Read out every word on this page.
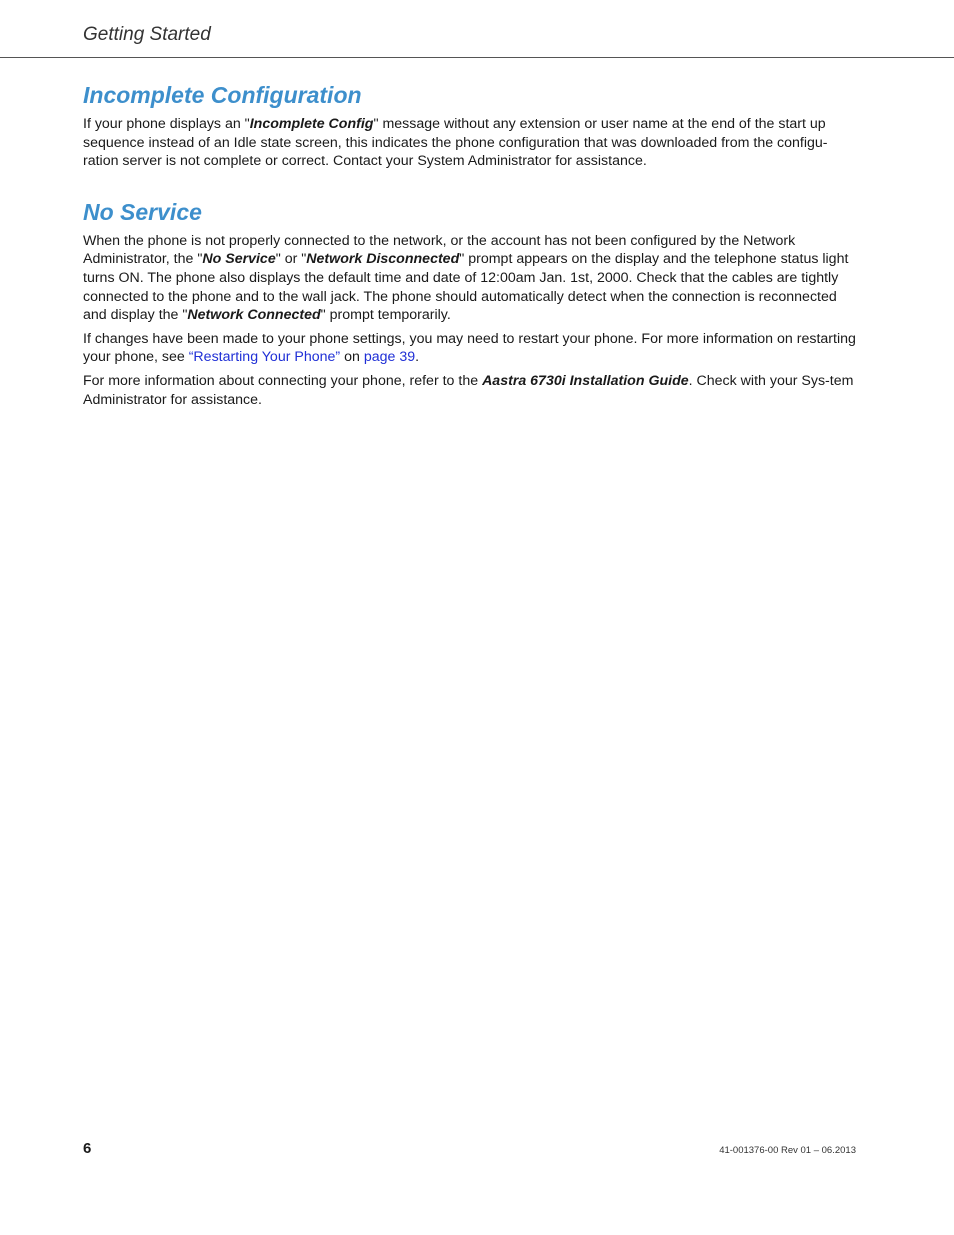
Getting Started
Incomplete Configuration

If your phone displays an "Incomplete Config" message without any extension or user name at the end of the start up sequence instead of an Idle state screen, this indicates the phone configuration that was downloaded from the configu-ration server is not complete or correct. Contact your System Administrator for assistance.

No Service

When the phone is not properly connected to the network, or the account has not been configured by the Network Administrator, the "No Service" or "Network Disconnected" prompt appears on the display and the telephone status light turns ON. The phone also displays the default time and date of 12:00am Jan. 1st, 2000. Check that the cables are tightly connected to the phone and to the wall jack. The phone should automatically detect when the connection is reconnected and display the "Network Connected" prompt temporarily.

If changes have been made to your phone settings, you may need to restart your phone. For more information on restarting your phone, see “Restarting Your Phone” on page 39.

For more information about connecting your phone, refer to the Aastra 6730i Installation Guide. Check with your Sys-tem Administrator for assistance.

6	41-001376-00 Rev 01 – 06.2013
